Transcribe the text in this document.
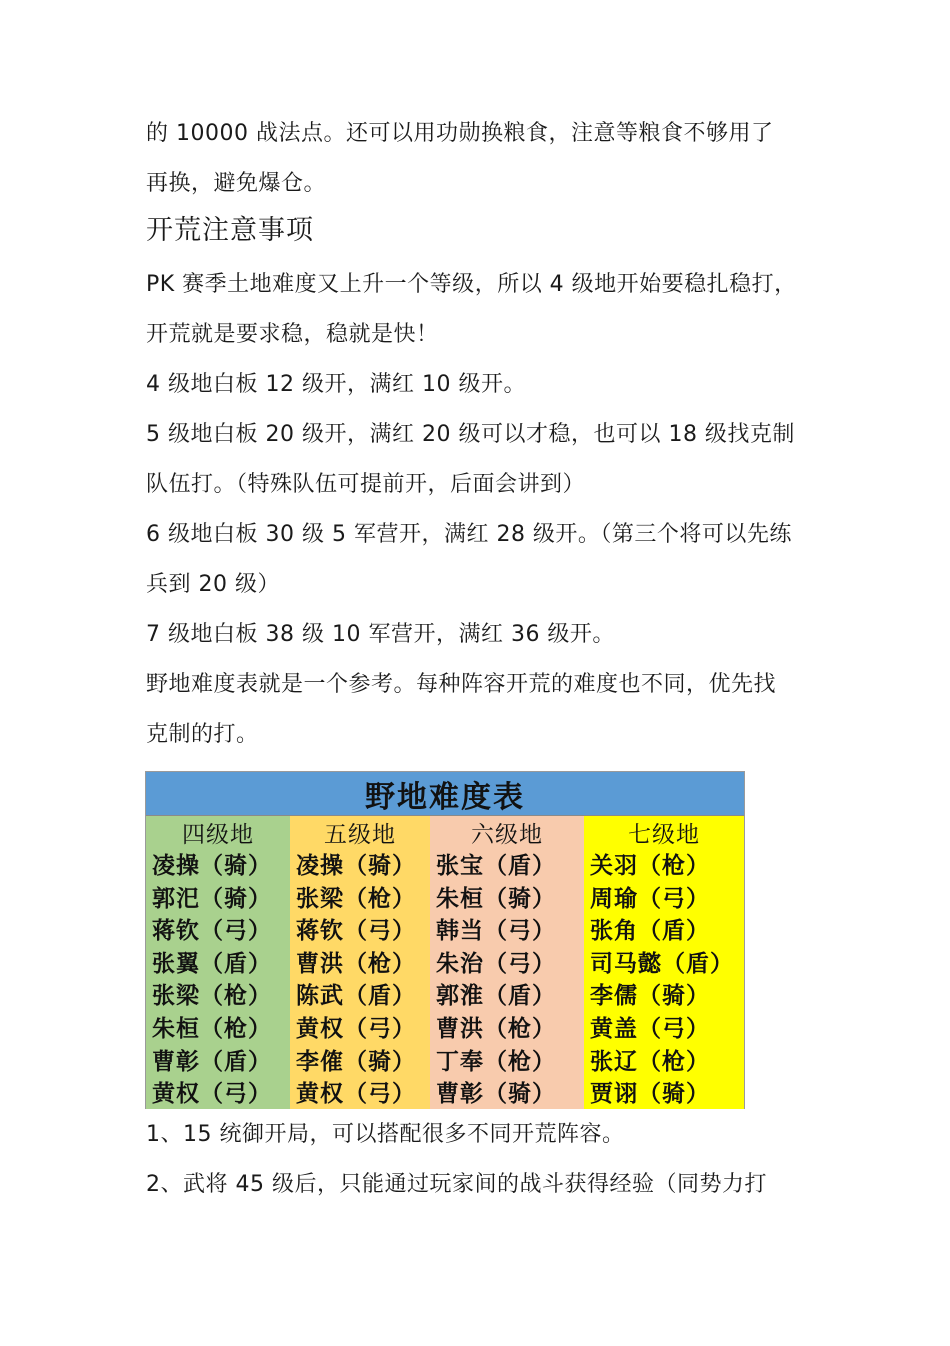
的 10000 战法点。还可以用功勋换粮食，注意等粮食不够用了

再换，避免爆仓。

开荒注意事项

PK 赛季土地难度又上升一个等级，所以 4 级地开始要稳扎稳打，

开荒就是要求稳，稳就是快！

4 级地白板 12 级开，满红 10 级开。

5 级地白板 20 级开，满红 20 级可以才稳，也可以 18 级找克制

队伍打。（特殊队伍可提前开，后面会讲到）

6 级地白板 30 级 5 军营开，满红 28 级开。（第三个将可以先练

兵到 20 级）

7 级地白板 38 级 10 军营开，满红 36 级开。

野地难度表就是一个参考。每种阵容开荒的难度也不同，优先找

克制的打。

野地难度表
四级地
凌操（骑）
郭汜（骑）
蒋钦（弓）
张翼（盾）
张梁（枪）
朱桓（枪）
曹彰（盾）
黄权（弓）
五级地
凌操（骑）
张梁（枪）
蒋钦（弓）
曹洪（枪）
陈武（盾）
黄权（弓）
李傕（骑）
黄权（弓）
六级地
张宝（盾）
朱桓（骑）
韩当（弓）
朱治（弓）
郭淮（盾）
曹洪（枪）
丁奉（枪）
曹彰（骑）
七级地
关羽（枪）
周瑜（弓）
张角（盾）
司马懿（盾）
李儒（骑）
黄盖（弓）
张辽（枪）
贾诩（骑）

1、15 统御开局，可以搭配很多不同开荒阵容。

2、武将 45 级后，只能通过玩家间的战斗获得经验（同势力打
